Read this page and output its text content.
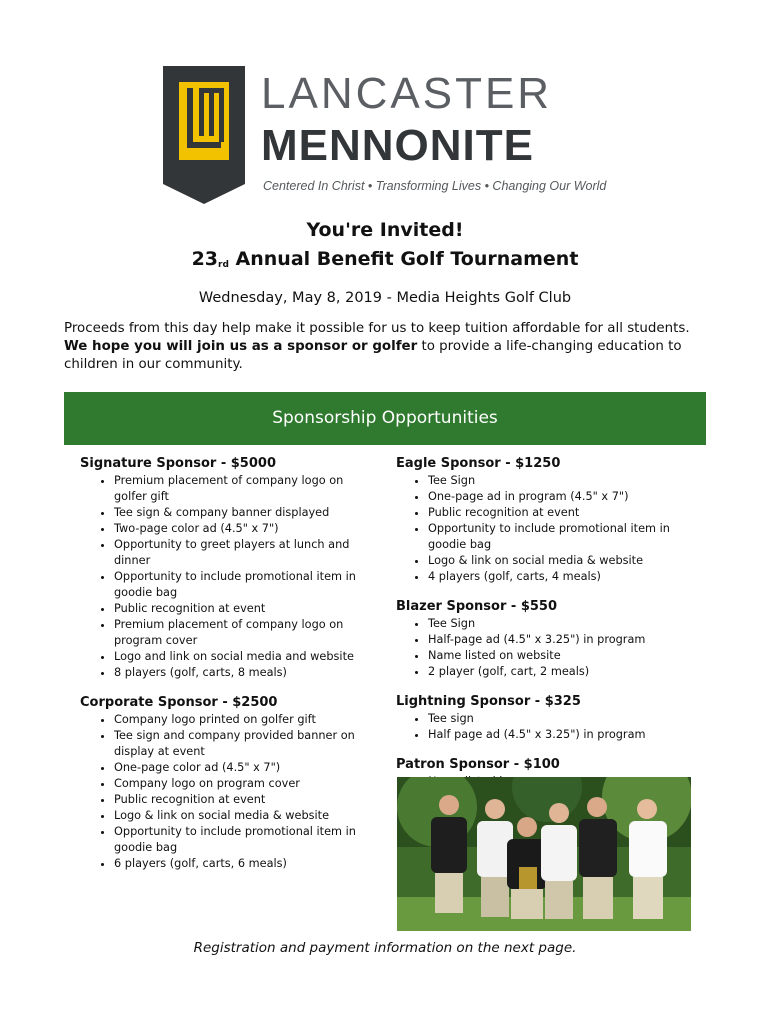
LANCASTER
MENNONITE
Centered In Christ • Transforming Lives • Changing Our World
You're Invited!
23rd Annual Benefit Golf Tournament
Wednesday, May 8, 2019 - Media Heights Golf Club
Proceeds from this day help make it possible for us to keep tuition affordable for all students.
We hope you will join us as a sponsor or golfer to provide a life-changing education to children in our community.
Sponsorship Opportunities
Signature Sponsor - $5000
• Premium placement of company logo on golfer gift
• Tee sign & company banner displayed
• Two-page color ad (4.5" x 7")
• Opportunity to greet players at lunch and dinner
• Opportunity to include promotional item in goodie bag
• Public recognition at event
• Premium placement of company logo on program cover
• Logo and link on social media and website
• 8 players (golf, carts, 8 meals)
Corporate Sponsor - $2500
• Company logo printed on golfer gift
• Tee sign and company provided banner on display at event
• One-page color ad (4.5" x 7")
• Company logo on program cover
• Public recognition at event
• Logo & link on social media & website
• Opportunity to include promotional item in goodie bag
• 6 players (golf, carts, 6 meals)
Eagle Sponsor - $1250
• Tee Sign
• One-page ad in program (4.5" x 7")
• Public recognition at event
• Opportunity to include promotional item in goodie bag
• Logo & link on social media & website
• 4 players (golf, carts, 4 meals)
Blazer Sponsor - $550
• Tee Sign
• Half-page ad (4.5" x 3.25") in program
• Name listed on website
• 2 player (golf, cart, 2 meals)
Lightning Sponsor - $325
• Tee sign
• Half page ad (4.5" x 3.25") in program
Patron Sponsor - $100
•
Registration and payment information on the next page.
